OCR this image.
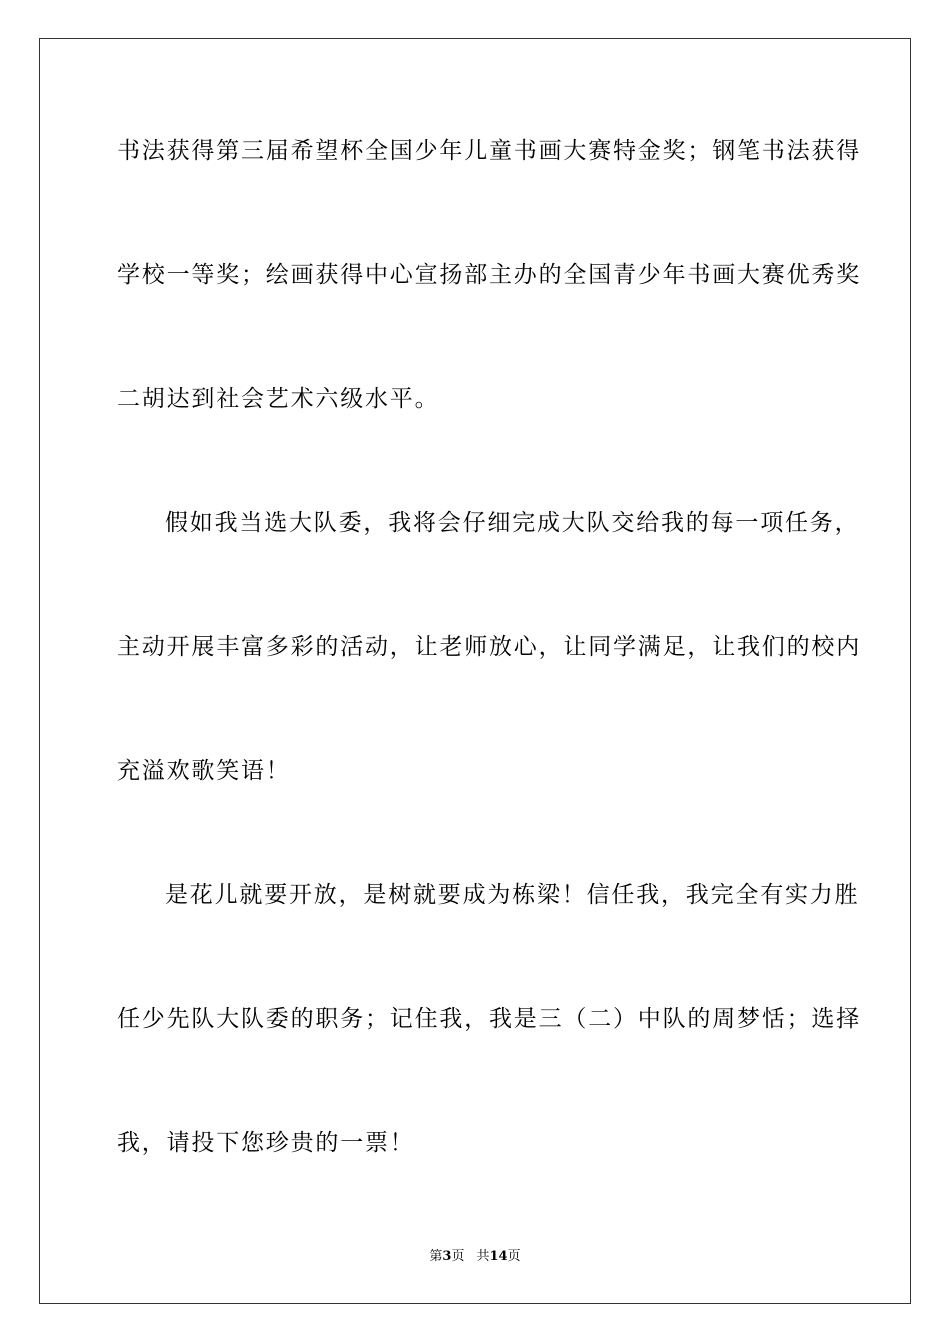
书法获得第三届希望杯全国少年儿童书画大赛特金奖；钢笔书法获得
学校一等奖；绘画获得中心宣扬部主办的全国青少年书画大赛优秀奖
二胡达到社会艺术六级水平。
假如我当选大队委，我将会仔细完成大队交给我的每一项任务，
主动开展丰富多彩的活动，让老师放心，让同学满足，让我们的校内
充溢欢歌笑语！
是花儿就要开放，是树就要成为栋梁！信任我，我完全有实力胜
任少先队大队委的职务；记住我，我是三（二）中队的周梦恬；选择
我，请投下您珍贵的一票！
第3页 共14页
